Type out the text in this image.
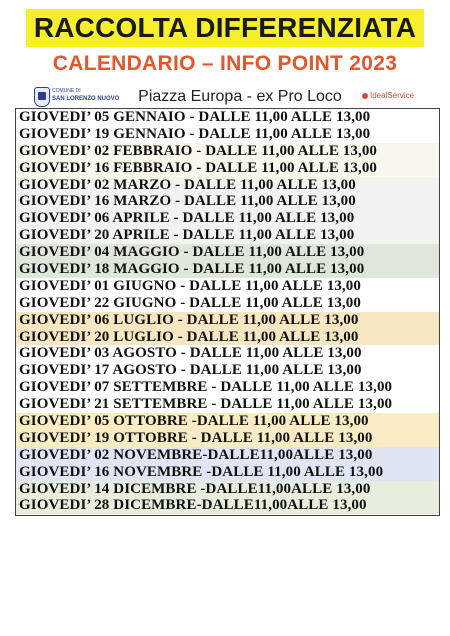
RACCOLTA DIFFERENZIATA
CALENDARIO – INFO POINT 2023
COMUNE DI
SAN LORENZO NUOVO	Piazza Europa - ex Pro Loco	IdealService
GIOVEDI’ 05 GENNAIO - DALLE 11,00 ALLE 13,00
GIOVEDI’ 19 GENNAIO - DALLE 11,00 ALLE 13,00
GIOVEDI’ 02 FEBBRAIO - DALLE 11,00 ALLE 13,00
GIOVEDI’ 16 FEBBRAIO - DALLE 11,00 ALLE 13,00
GIOVEDI’ 02 MARZO - DALLE 11,00 ALLE 13,00
GIOVEDI’ 16 MARZO - DALLE 11,00 ALLE 13,00
GIOVEDI’ 06 APRILE - DALLE 11,00 ALLE 13,00
GIOVEDI’ 20 APRILE - DALLE 11,00 ALLE 13,00
GIOVEDI’ 04 MAGGIO - DALLE 11,00 ALLE 13,00
GIOVEDI’ 18 MAGGIO - DALLE 11,00 ALLE 13,00
GIOVEDI’ 01 GIUGNO - DALLE 11,00 ALLE 13,00
GIOVEDI’ 22 GIUGNO - DALLE 11,00 ALLE 13,00
GIOVEDI’ 06 LUGLIO - DALLE 11,00 ALLE 13,00
GIOVEDI’ 20 LUGLIO - DALLE 11,00 ALLE 13,00
GIOVEDI’ 03 AGOSTO - DALLE 11,00 ALLE 13,00
GIOVEDI’ 17 AGOSTO - DALLE 11,00 ALLE 13,00
GIOVEDI’ 07 SETTEMBRE - DALLE 11,00 ALLE 13,00
GIOVEDI’ 21 SETTEMBRE - DALLE 11,00 ALLE 13,00
GIOVEDI’ 05 OTTOBRE -DALLE 11,00 ALLE 13,00
GIOVEDI’ 19 OTTOBRE - DALLE 11,00 ALLE 13,00
GIOVEDI’ 02 NOVEMBRE-DALLE11,00ALLE 13,00
GIOVEDI’ 16 NOVEMBRE -DALLE 11,00 ALLE 13,00
GIOVEDI’ 14 DICEMBRE -DALLE11,00ALLE 13,00
GIOVEDI’ 28 DICEMBRE-DALLE11,00ALLE 13,00
